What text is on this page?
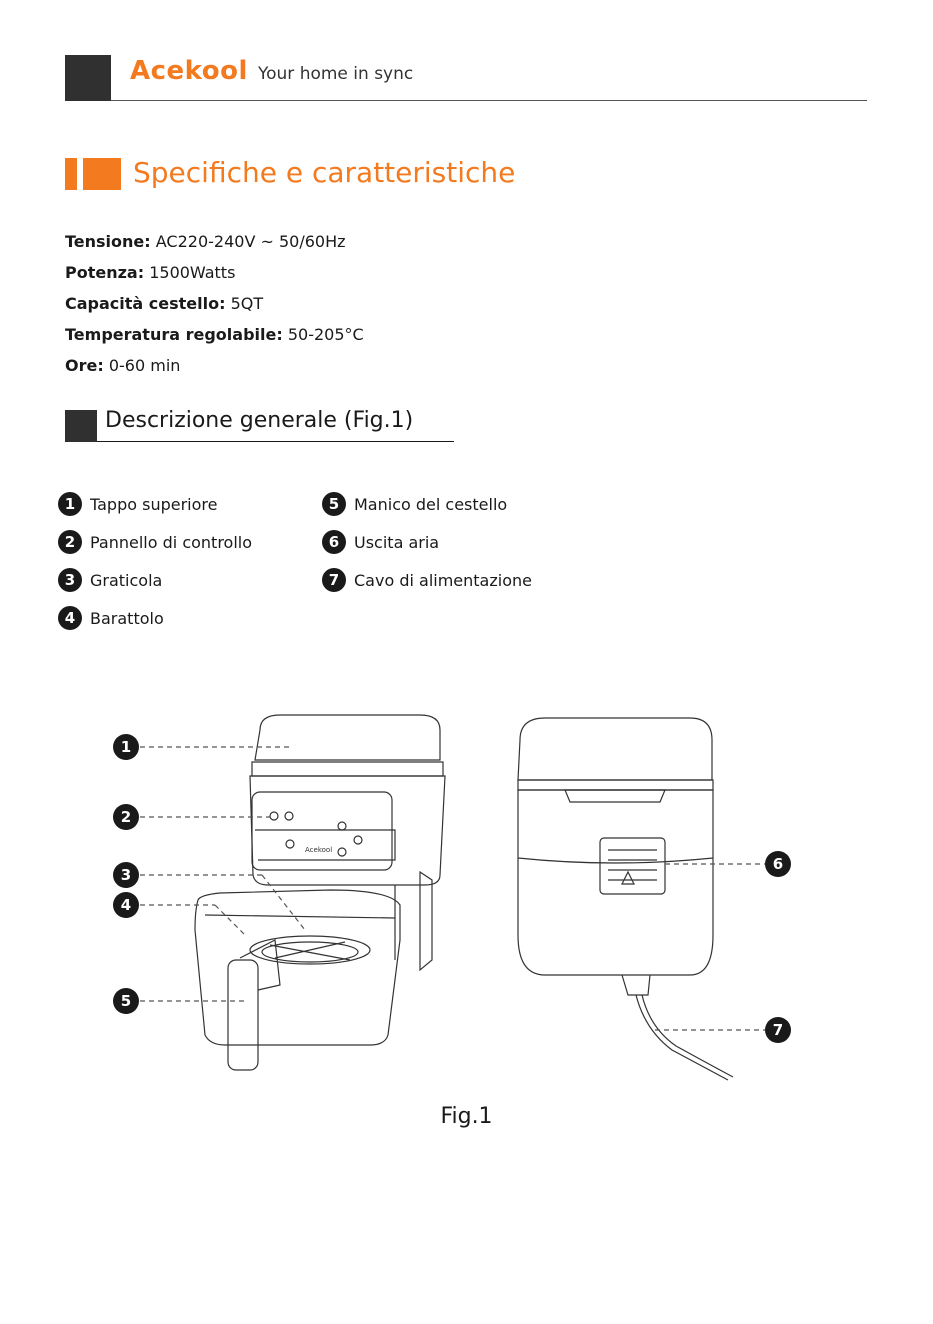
Acekool Your home in sync
Specifiche e caratteristiche
Tensione: AC220-240V ~ 50/60Hz
Potenza: 1500Watts
Capacità cestello: 5QT
Temperatura regolabile: 50-205°C
Ore: 0-60 min
Descrizione generale (Fig.1)
1 Tappo superiore
2 Pannello di controllo
3 Graticola
4 Barattolo
5 Manico del cestello
6 Uscita aria
7 Cavo di alimentazione
Acekool
1
2
3
4
5
6
7
Fig.1
